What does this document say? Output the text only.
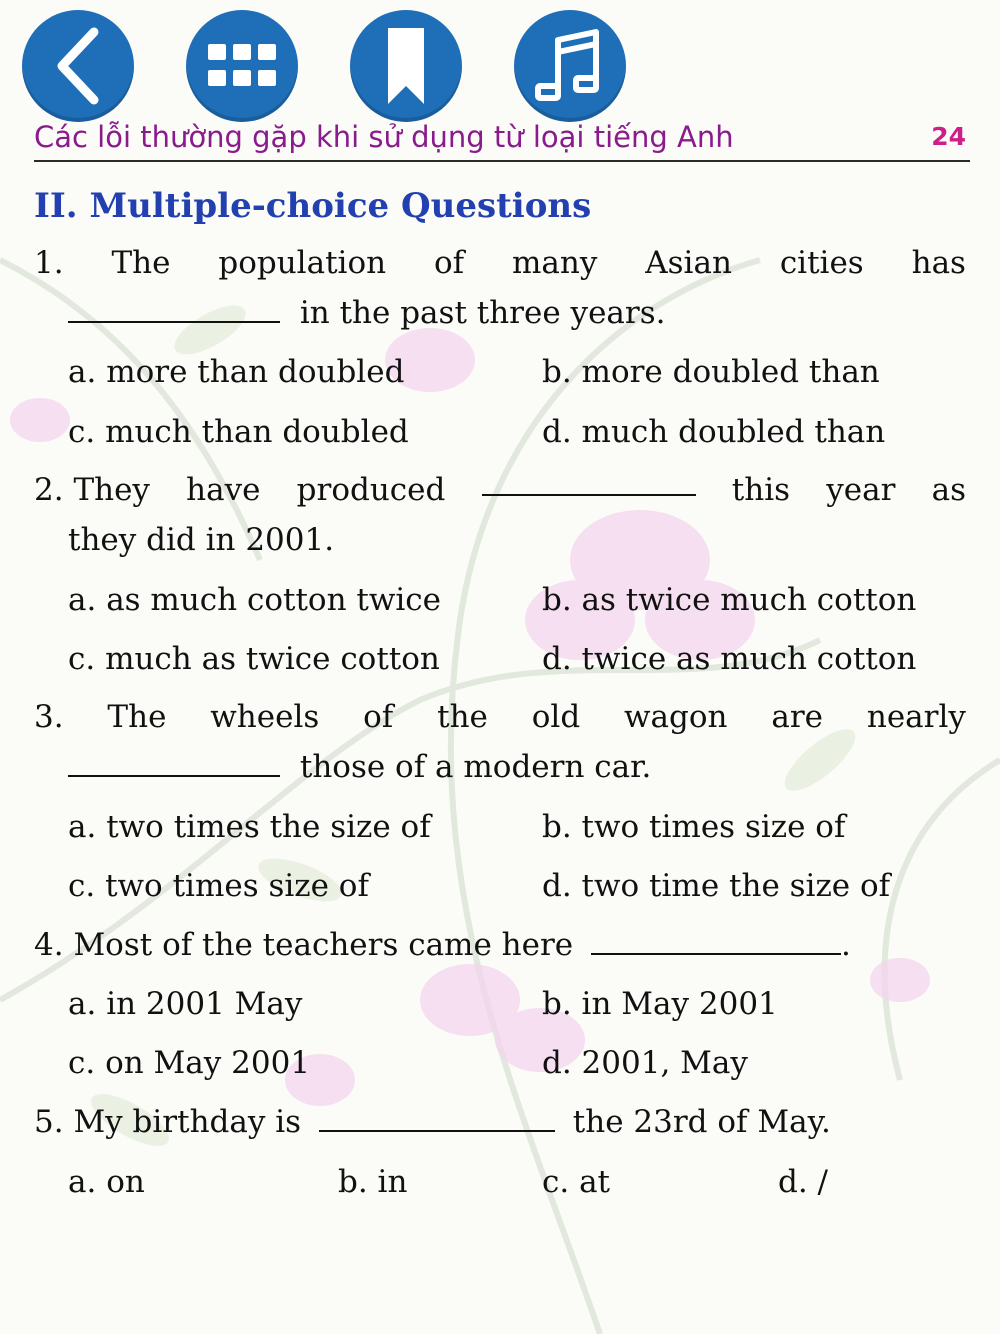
Các lỗi thường gặp khi sử dụng từ loại tiếng Anh	24
II. Multiple-choice Questions
1. The population of many Asian cities has
in the past three years.
a. more than doubled	b. more doubled than
c. much than doubled	d. much doubled than
2. They have produced	this year as
they did in 2001.
a. as much cotton twice	b. as twice much cotton
c. much as twice cotton	d. twice as much cotton
3. The wheels of the old wagon are nearly
those of a modern car.
a. two times the size of	b. two times size of
c. two times size of	d. two time the size of
4. Most of the teachers came here	.
a. in 2001 May	b. in May 2001
c. on May 2001	d. 2001, May
5. My birthday is	the 23rd of May.
a. on	b. in	c. at	d. /
